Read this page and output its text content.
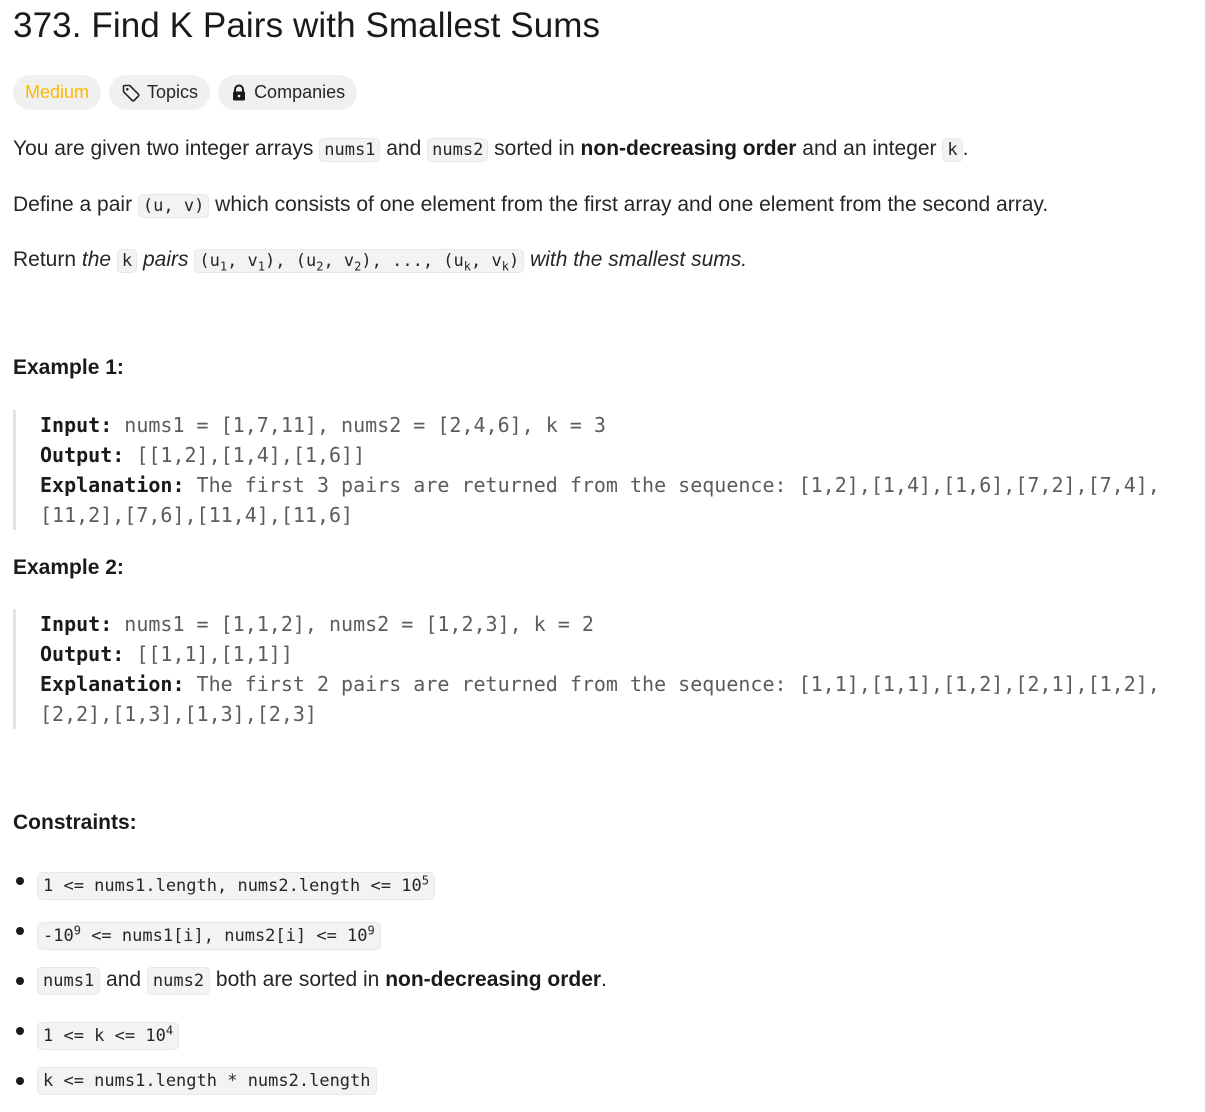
373. Find K Pairs with Smallest Sums
Medium	Topics	Companies
You are given two integer arrays nums1 and nums2 sorted in non-decreasing order and an integer k .
Define a pair (u, v) which consists of one element from the first array and one element from the second array.
Return the k pairs ($u_1$, $v_1$), ($u_2$, $v_2$), ..., ($u_k$, $v_k$) with the smallest sums.
Example 1:
Input: nums1 = [1,7,11], nums2 = [2,4,6], k = 3
Output: [[1,2],[1,4],[1,6]]
Explanation: The first 3 pairs are returned from the sequence: [1,2],[1,4],[1,6],[7,2],[7,4],[11,2],[7,6],[11,4],[11,6]
Example 2:
Input: nums1 = [1,1,2], nums2 = [1,2,3], k = 2
Output: [[1,1],[1,1]]
Explanation: The first 2 pairs are returned from the sequence: [1,1],[1,1],[1,2],[2,1],[1,2],[2,2],[1,3],[1,3],[2,3]
Constraints:
1 <= nums1.length, nums2.length <= $10^5$
$-10^9$ <= nums1[i], nums2[i] <= $10^9$
nums1 and nums2 both are sorted in non-decreasing order.
$1 <= k <= 10^4$
k <= nums1.length * nums2.length
